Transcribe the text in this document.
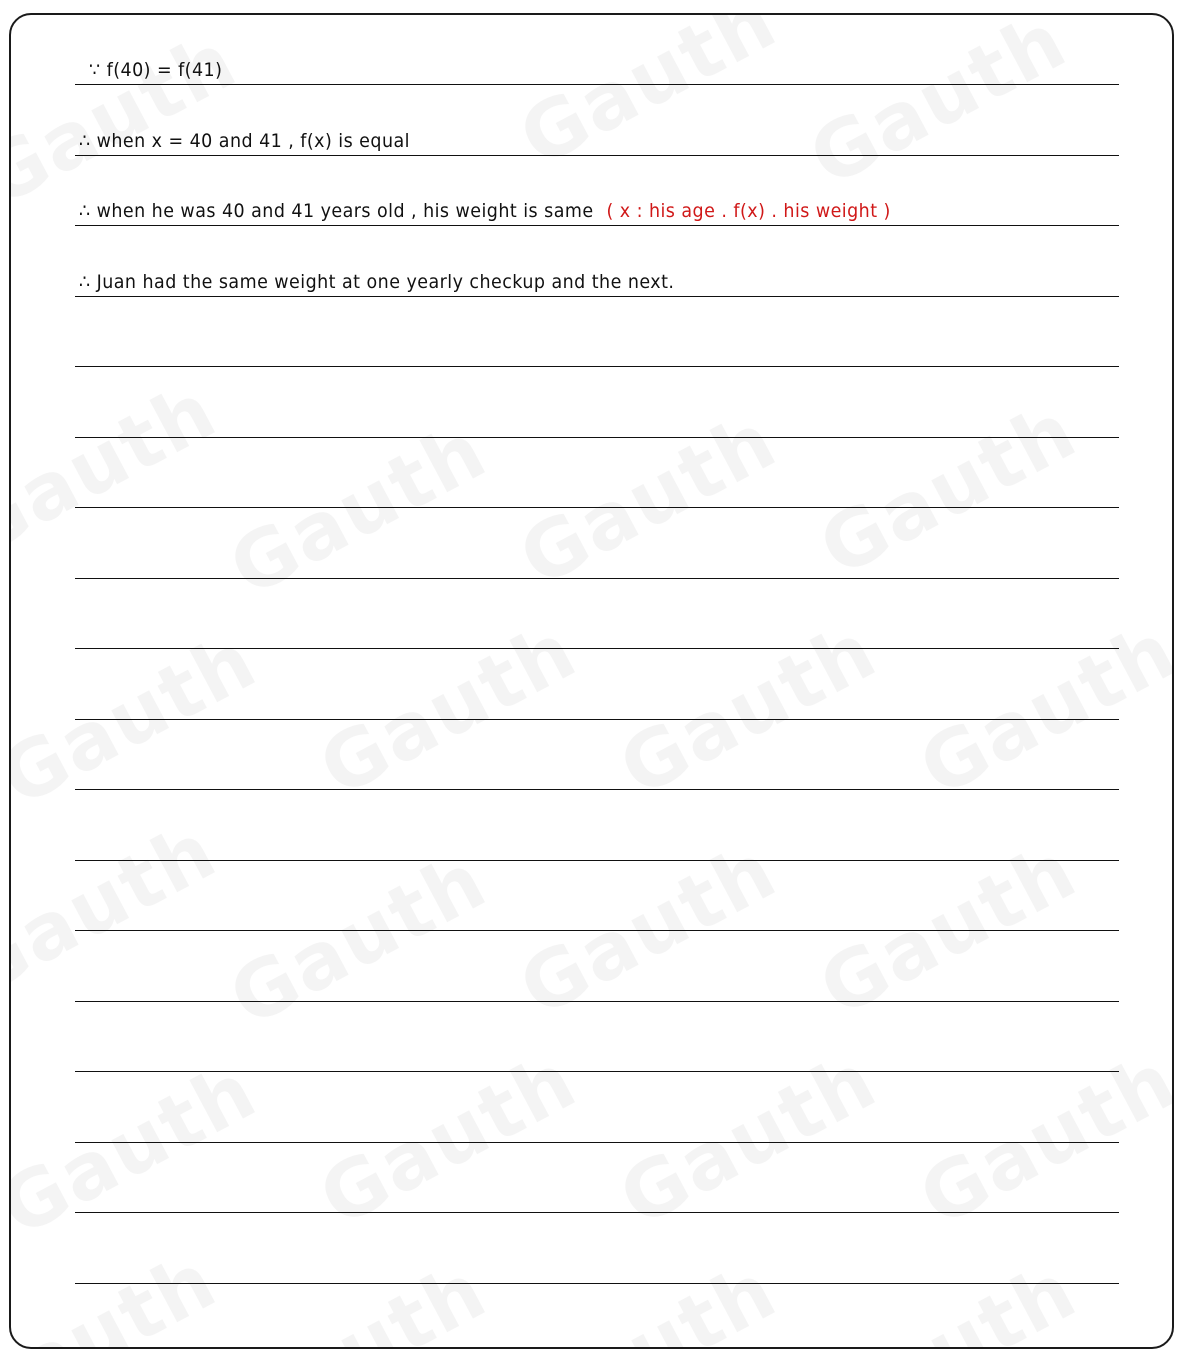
∵ f(40) = f(41)
∴ when x = 40 and 41 , f(x) is equal
∴ when he was 40 and 41 years old , his weight is same ( x : his age . f(x) . his weight )
∴ Juan had the same weight at one yearly checkup and the next.
